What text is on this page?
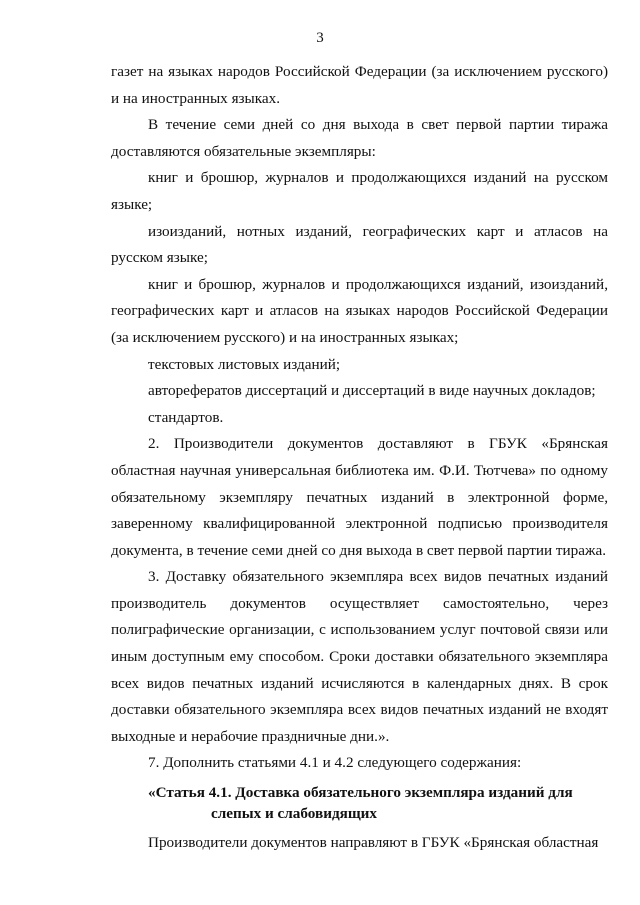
3

газет на языках народов Российской Федерации (за исключением русского) и на иностранных языках.

В течение семи дней со дня выхода в свет первой партии тиража доставляются обязательные экземпляры:

книг и брошюр, журналов и продолжающихся изданий на русском языке;

изоизданий, нотных изданий, географических карт и атласов на русском языке;

книг и брошюр, журналов и продолжающихся изданий, изоизданий, географических карт и атласов на языках народов Российской Федерации (за исключением русского) и на иностранных языках;

текстовых листовых изданий;

авторефератов диссертаций и диссертаций в виде научных докладов;

стандартов.

2. Производители документов доставляют в ГБУК «Брянская областная научная универсальная библиотека им. Ф.И. Тютчева» по одному обязательному экземпляру печатных изданий в электронной форме, заверенному квалифицированной электронной подписью производителя документа, в течение семи дней со дня выхода в свет первой партии тиража.

3. Доставку обязательного экземпляра всех видов печатных изданий производитель документов осуществляет самостоятельно, через полиграфические организации, с использованием услуг почтовой связи или иным доступным ему способом. Сроки доставки обязательного экземпляра всех видов печатных изданий исчисляются в календарных днях. В срок доставки обязательного экземпляра всех видов печатных изданий не входят выходные и нерабочие праздничные дни.».

7. Дополнить статьями 4.1 и 4.2 следующего содержания:

«Статья 4.1. Доставка обязательного экземпляра изданий для
слепых и слабовидящих

Производители документов направляют в ГБУК «Брянская областная
